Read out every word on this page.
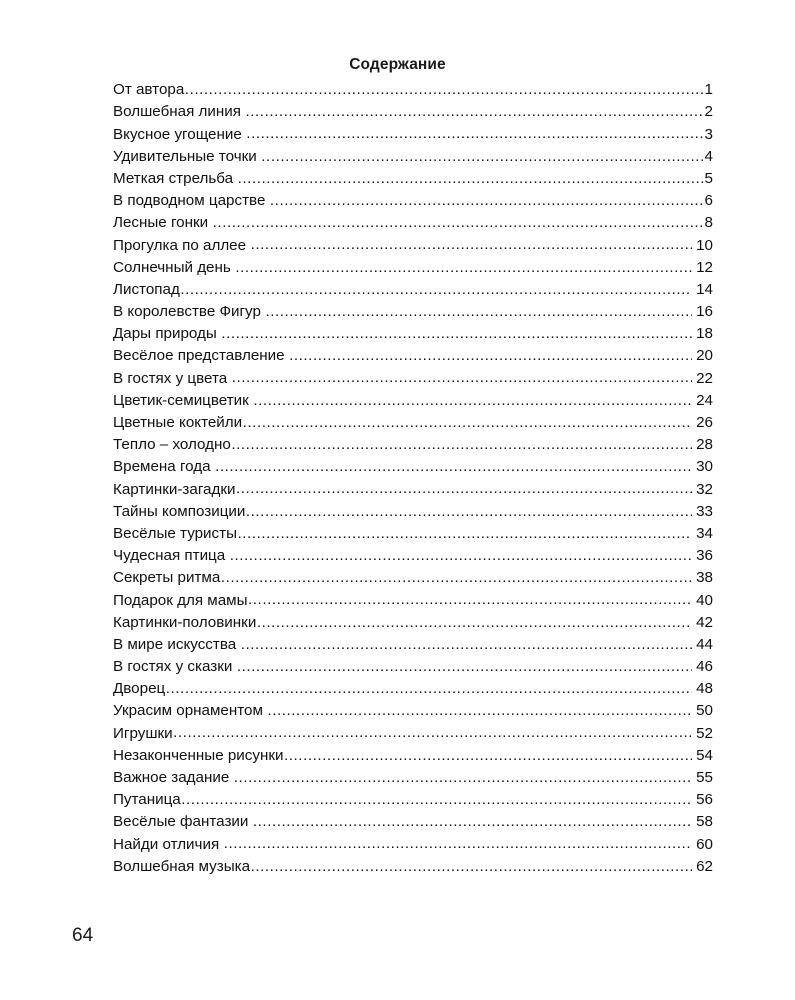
Содержание
От автора .....	1
Волшебная линия .....	2
Вкусное угощение .....	3
Удивительные точки .....	4
Меткая стрельба .....	5
В подводном царстве .....	6
Лесные гонки .....	8
Прогулка по аллее .....	10
Солнечный день .....	12
Листопад .....	14
В королевстве Фигур .....	16
Дары природы .....	18
Весёлое представление .....	20
В гостях у цвета .....	22
Цветик-семицветик .....	24
Цветные коктейли .....	26
Тепло – холодно .....	28
Времена года .....	30
Картинки-загадки .....	32
Тайны композиции .....	33
Весёлые туристы .....	34
Чудесная птица .....	36
Секреты ритма .....	38
Подарок для мамы .....	40
Картинки-половинки .....	42
В мире искусства .....	44
В гостях у сказки .....	46
Дворец .....	48
Украсим орнаментом .....	50
Игрушки .....	52
Незаконченные рисунки .....	54
Важное задание .....	55
Путаница .....	56
Весёлые фантазии .....	58
Найди отличия .....	60
Волшебная музыка .....	62
64
